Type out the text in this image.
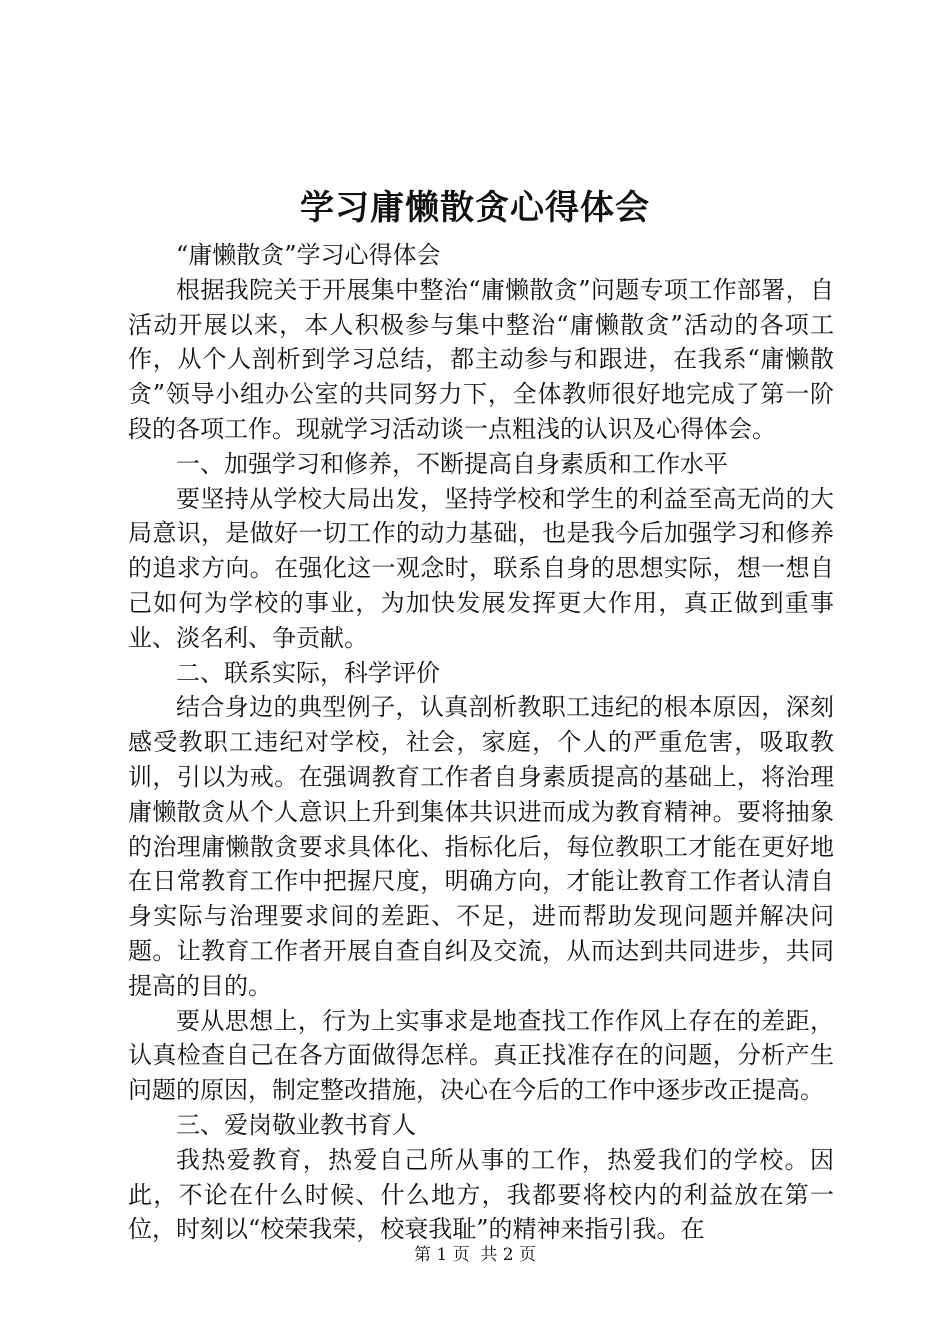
学习庸懒散贪心得体会

“庸懒散贪”学习心得体会

根据我院关于开展集中整治“庸懒散贪”问题专项工作部署，自活动开展以来，本人积极参与集中整治“庸懒散贪”活动的各项工作，从个人剖析到学习总结，都主动参与和跟进，在我系“庸懒散贪”领导小组办公室的共同努力下，全体教师很好地完成了第一阶段的各项工作。现就学习活动谈一点粗浅的认识及心得体会。

一、加强学习和修养，不断提高自身素质和工作水平

要坚持从学校大局出发，坚持学校和学生的利益至高无尚的大局意识，是做好一切工作的动力基础，也是我今后加强学习和修养的追求方向。在强化这一观念时，联系自身的思想实际，想一想自己如何为学校的事业，为加快发展发挥更大作用，真正做到重事业、淡名利、争贡献。

二、联系实际，科学评价

结合身边的典型例子，认真剖析教职工违纪的根本原因，深刻感受教职工违纪对学校，社会，家庭，个人的严重危害，吸取教训，引以为戒。在强调教育工作者自身素质提高的基础上，将治理庸懒散贪从个人意识上升到集体共识进而成为教育精神。要将抽象的治理庸懒散贪要求具体化、指标化后，每位教职工才能在更好地在日常教育工作中把握尺度，明确方向，才能让教育工作者认清自身实际与治理要求间的差距、不足，进而帮助发现问题并解决问题。让教育工作者开展自查自纠及交流，从而达到共同进步，共同提高的目的。

要从思想上，行为上实事求是地查找工作作风上存在的差距，认真检查自己在各方面做得怎样。真正找准存在的问题，分析产生问题的原因，制定整改措施，决心在今后的工作中逐步改正提高。

三、爱岗敬业教书育人

我热爱教育，热爱自己所从事的工作，热爱我们的学校。因此，不论在什么时候、什么地方，我都要将校内的利益放在第一位，时刻以“校荣我荣，校衰我耻”的精神来指引我。在

第 1 页  共 2 页
